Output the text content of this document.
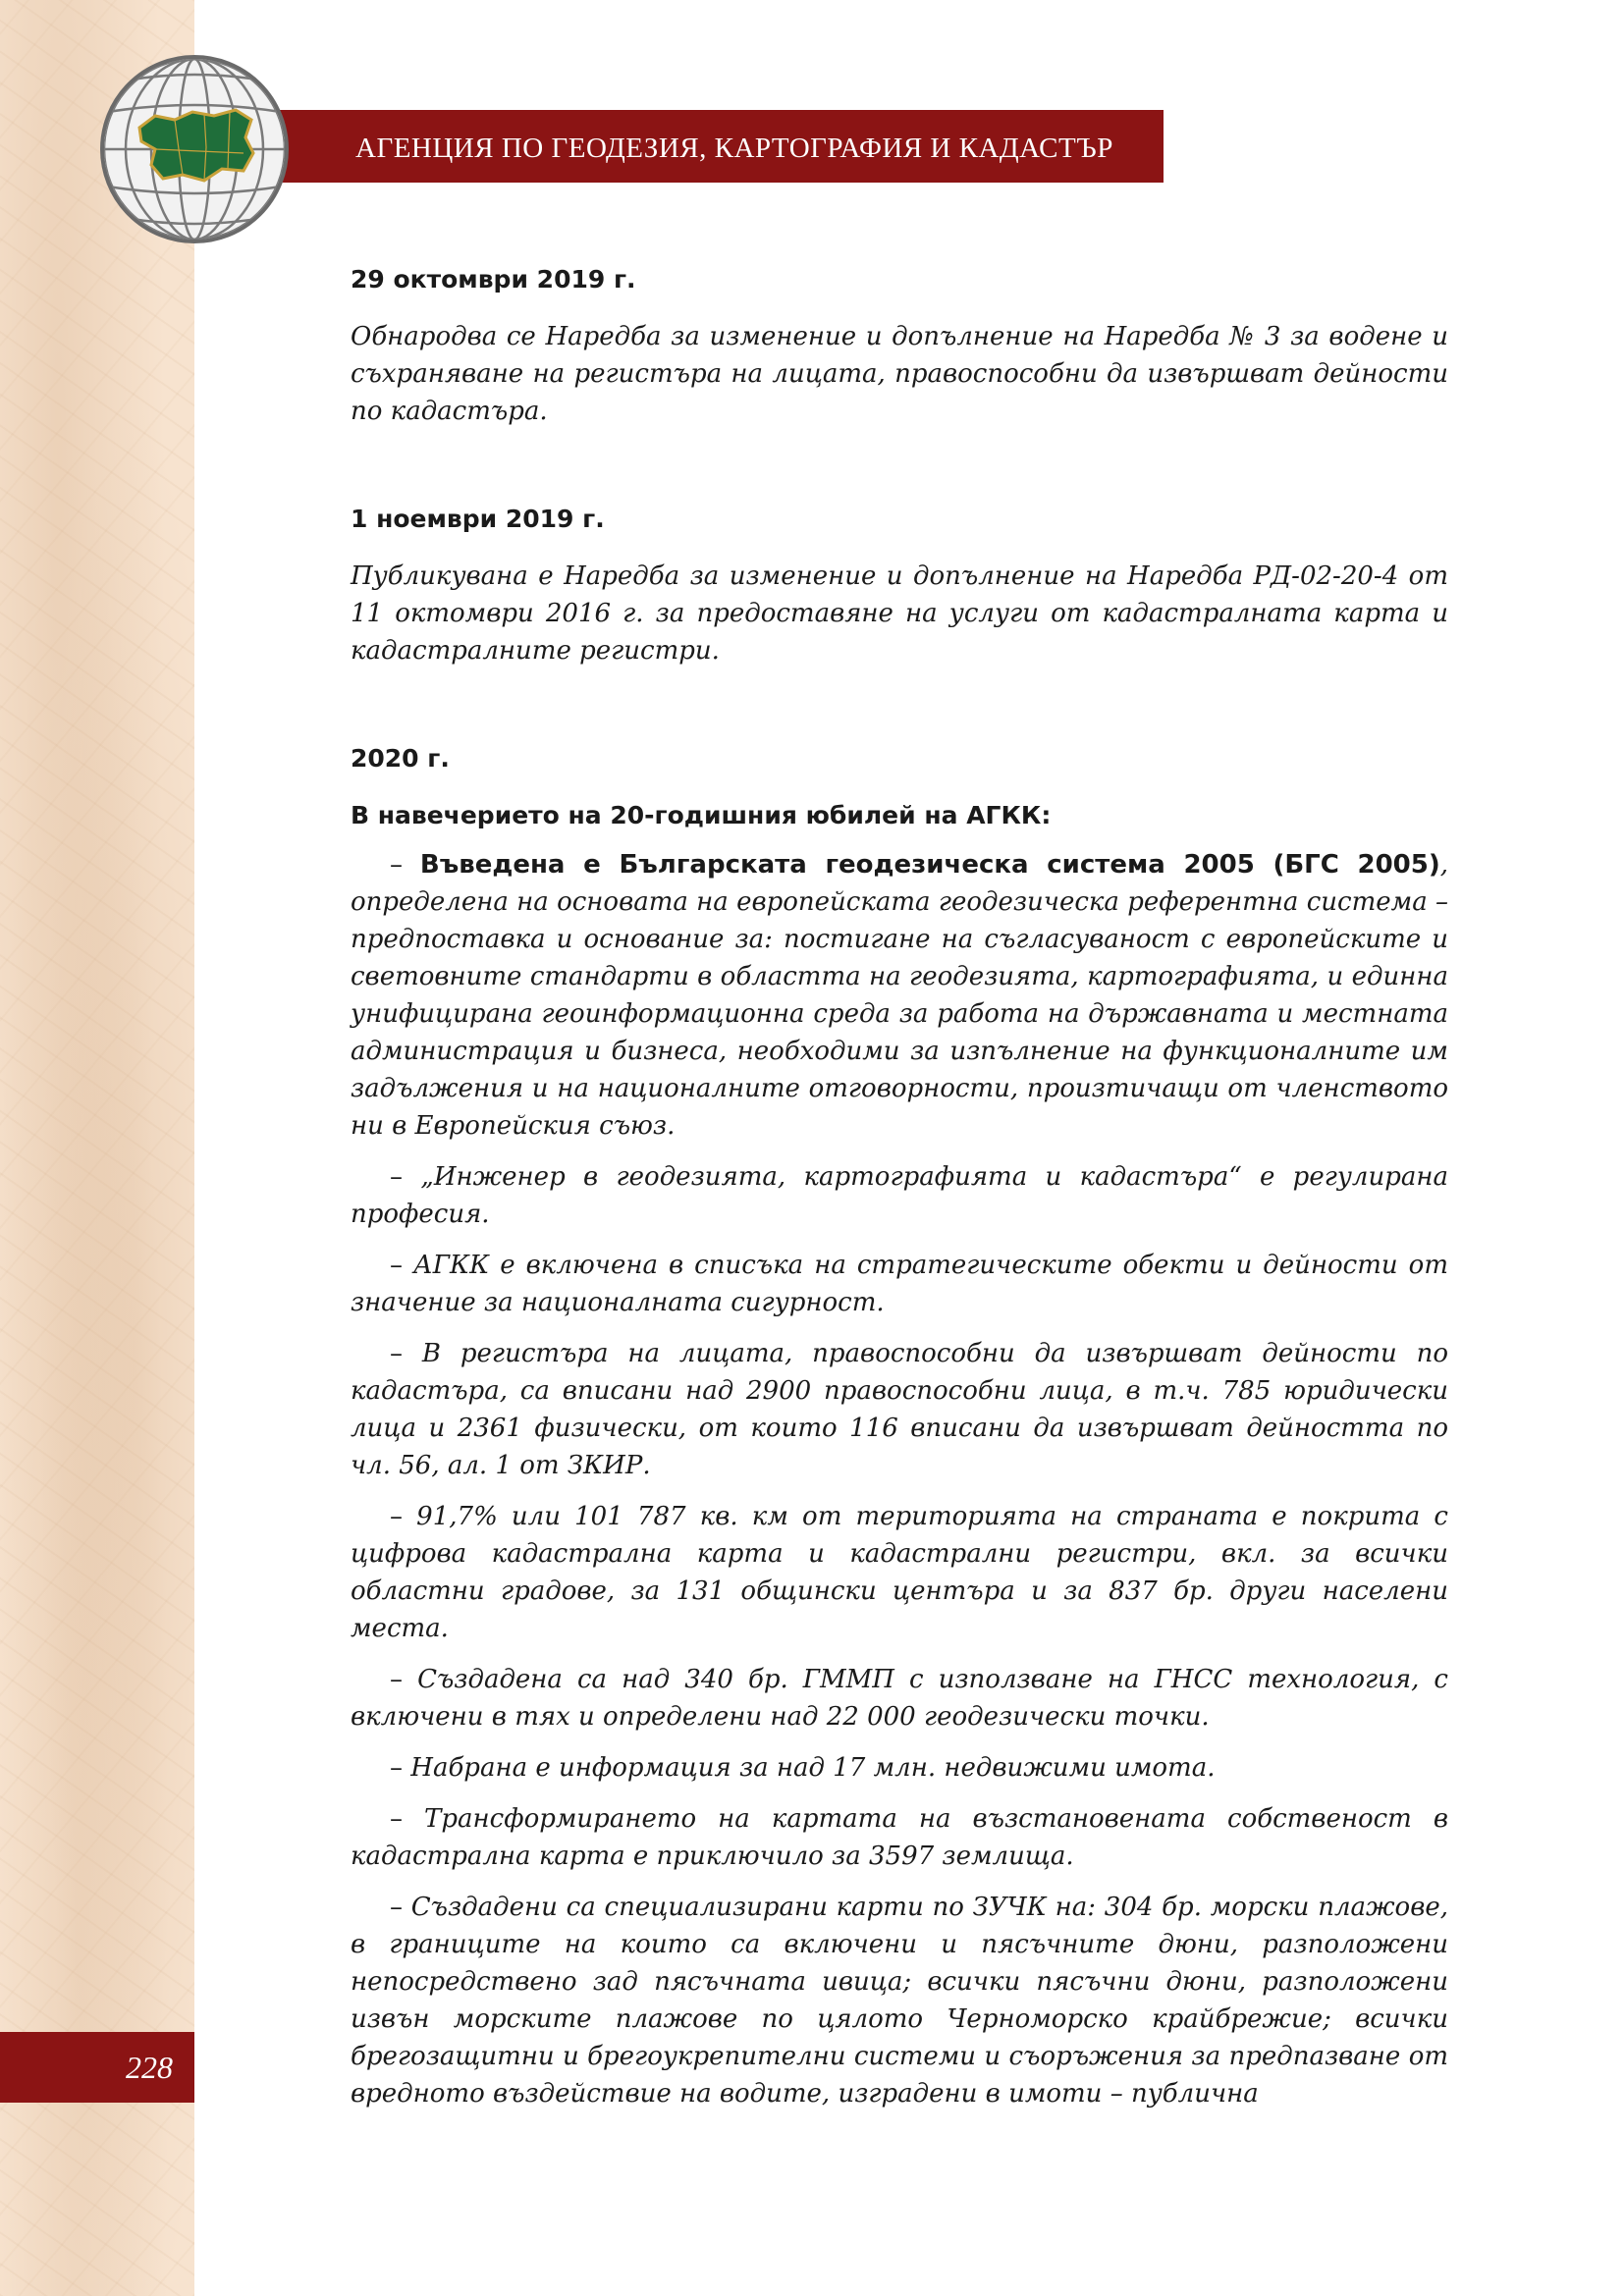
АГЕНЦИЯ ПО ГЕОДЕЗИЯ, КАРТОГРАФИЯ И КАДАСТЪР
228

29 октомври 2019 г.

Обнародва се Наредба за изменение и допълнение на Наредба № 3 за водене и съхраняване на регистъра на лицата, правоспособни да извършват дейности по кадастъра.

1 ноември 2019 г.

Публикувана е Наредба за изменение и допълнение на Наредба РД-02-20-4 от 11 октомври 2016 г. за предоставяне на услуги от кадастралната карта и кадастралните регистри.

2020 г.

В навечерието на 20-годишния юбилей на АГКК:

– Въведена е Българската геодезическа система 2005 (БГС 2005), определена на основата на европейската геодезическа референтна система – предпоставка и основание за: постигане на съгласуваност с европейските и световните стандарти в областта на геодезията, картографията, и единна унифицирана геоинформационна среда за работа на държавната и местната администрация и бизнеса, необходими за изпълнение на функционалните им задължения и на националните отговорности, произтичащи от членството ни в Европейския съюз.

– „Инженер в геодезията, картографията и кадастъра“ е регулирана професия.

– АГКК е включена в списъка на стратегическите обекти и дейности от значение за националната сигурност.

– В регистъра на лицата, правоспособни да извършват дейности по кадастъра, са вписани над 2900 правоспособни лица, в т.ч. 785 юридически лица и 2361 физически, от които 116 вписани да извършват дейността по чл. 56, ал. 1 от ЗКИР.

– 91,7% или 101 787 кв. км от територията на страната е покрита с цифрова кадастрална карта и кадастрални регистри, вкл. за всички областни градове, за 131 общински центъра и за 837 бр. други населени места.

– Създадена са над 340 бр. ГММП с използване на ГНСС технология, с включени в тях и определени над 22 000 геодезически точки.

– Набрана е информация за над 17 млн. недвижими имота.

– Трансформирането на картата на възстановената собственост в кадастрална карта е приключило за 3597 землища.

– Създадени са специализирани карти по ЗУЧК на: 304 бр. морски плажове, в границите на които са включени и пясъчните дюни, разположени непосредствено зад пясъчната ивица; всички пясъчни дюни, разположени извън морските плажове по цялото Черноморско крайбрежие; всички брегозащитни и брегоукрепителни системи и съоръжения за предпазване от вредното въздействие на водите, изградени в имоти – публична
